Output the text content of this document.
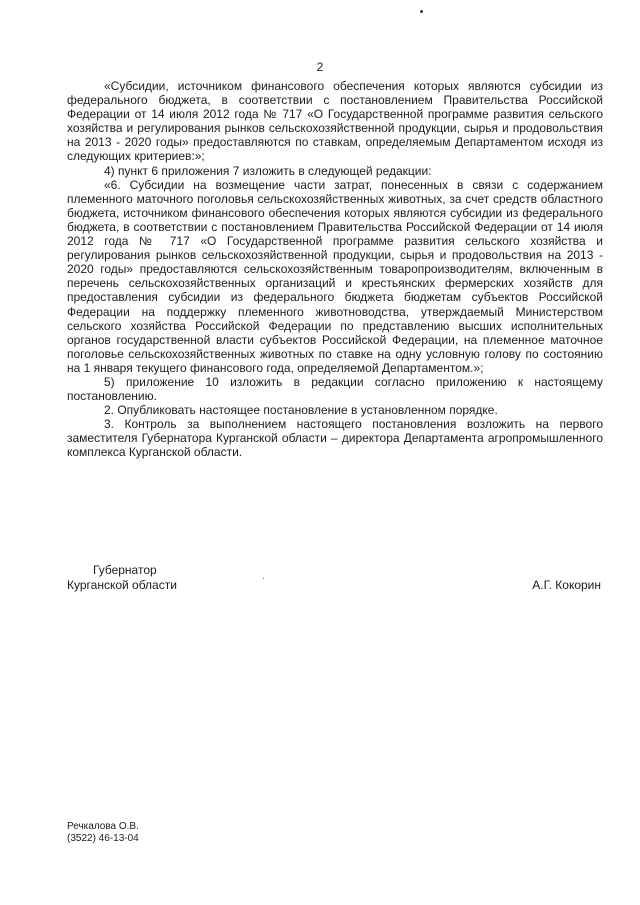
2

«Субсидии, источником финансового обеспечения которых являются субсидии из федерального бюджета, в соответствии с постановлением Правительства Российской Федерации от 14 июля 2012 года № 717 «О Государственной программе развития сельского хозяйства и регулирования рынков сельскохозяйственной продукции, сырья и продовольствия на 2013 - 2020 годы» предоставляются по ставкам, определяемым Департаментом исходя из следующих критериев:»;

4) пункт 6 приложения 7 изложить в следующей редакции:

«6. Субсидии на возмещение части затрат, понесенных в связи с содержанием племенного маточного поголовья сельскохозяйственных животных, за счет средств областного бюджета, источником финансового обеспечения которых являются субсидии из федерального бюджета, в соответствии с постановлением Правительства Российской Федерации от 14 июля 2012 года № 717 «О Государственной программе развития сельского хозяйства и регулирования рынков сельскохозяйственной продукции, сырья и продовольствия на 2013 - 2020 годы» предоставляются сельскохозяйственным товаропроизводителям, включенным в перечень сельскохозяйственных организаций и крестьянских фермерских хозяйств для предоставления субсидии из федерального бюджета бюджетам субъектов Российской Федерации на поддержку племенного животноводства, утверждаемый Министерством сельского хозяйства Российской Федерации по представлению высших исполнительных органов государственной власти субъектов Российской Федерации, на племенное маточное поголовье сельскохозяйственных животных по ставке на одну условную голову по состоянию на 1 января текущего финансового года, определяемой Департаментом.»;

5) приложение 10 изложить в редакции согласно приложению к настоящему постановлению.

2. Опубликовать настоящее постановление в установленном порядке.

3. Контроль за выполнением настоящего постановления возложить на первого заместителя Губернатора Курганской области – директора Департамента агропромышленного комплекса Курганской области.

Губернатор
Курганской области	А.Г. Кокорин
Речкалова О.В.
(3522) 46-13-04
